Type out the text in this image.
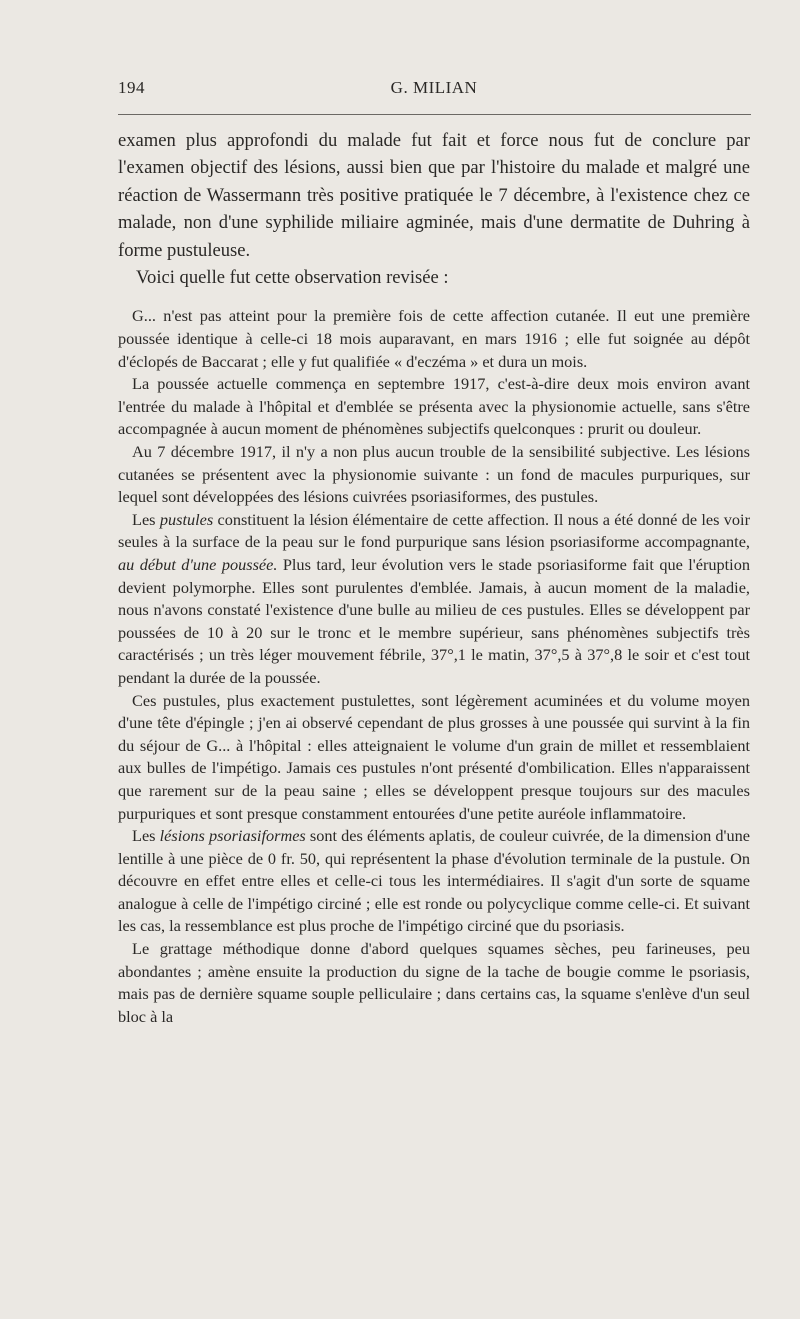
194	G. MILIAN

examen plus approfondi du malade fut fait et force nous fut de conclure par l'examen objectif des lésions, aussi bien que par l'histoire du malade et malgré une réaction de Wassermann très positive pratiquée le 7 décembre, à l'existence chez ce malade, non d'une syphilide miliaire agminée, mais d'une dermatite de Duhring à forme pustuleuse.

Voici quelle fut cette observation revisée :

G... n'est pas atteint pour la première fois de cette affection cutanée. Il eut une première poussée identique à celle-ci 18 mois auparavant, en mars 1916 ; elle fut soignée au dépôt d'éclopés de Baccarat ; elle y fut qualifiée « d'eczéma » et dura un mois.

La poussée actuelle commença en septembre 1917, c'est-à-dire deux mois environ avant l'entrée du malade à l'hôpital et d'emblée se présenta avec la physionomie actuelle, sans s'être accompagnée à aucun moment de phénomènes subjectifs quelconques : prurit ou douleur.

Au 7 décembre 1917, il n'y a non plus aucun trouble de la sensibilité subjective. Les lésions cutanées se présentent avec la physionomie suivante : un fond de macules purpuriques, sur lequel sont développées des lésions cuivrées psoriasiformes, des pustules.

Les pustules constituent la lésion élémentaire de cette affection. Il nous a été donné de les voir seules à la surface de la peau sur le fond purpurique sans lésion psoriasiforme accompagnante, au début d'une poussée. Plus tard, leur évolution vers le stade psoriasiforme fait que l'éruption devient polymorphe. Elles sont purulentes d'emblée. Jamais, à aucun moment de la maladie, nous n'avons constaté l'existence d'une bulle au milieu de ces pustules. Elles se développent par poussées de 10 à 20 sur le tronc et le membre supérieur, sans phénomènes subjectifs très caractérisés ; un très léger mouvement fébrile, 37°,1 le matin, 37°,5 à 37°,8 le soir et c'est tout pendant la durée de la poussée.

Ces pustules, plus exactement pustulettes, sont légèrement acuminées et du volume moyen d'une tête d'épingle ; j'en ai observé cependant de plus grosses à une poussée qui survint à la fin du séjour de G... à l'hôpital : elles atteignaient le volume d'un grain de millet et ressemblaient aux bulles de l'impétigo. Jamais ces pustules n'ont présenté d'ombilication. Elles n'apparaissent que rarement sur de la peau saine ; elles se développent presque toujours sur des macules purpuriques et sont presque constamment entourées d'une petite auréole inflammatoire.

Les lésions psoriasiformes sont des éléments aplatis, de couleur cuivrée, de la dimension d'une lentille à une pièce de 0 fr. 50, qui représentent la phase d'évolution terminale de la pustule. On découvre en effet entre elles et celle-ci tous les intermédiaires. Il s'agit d'un sorte de squame analogue à celle de l'impétigo circiné ; elle est ronde ou polycyclique comme celle-ci. Et suivant les cas, la ressemblance est plus proche de l'impétigo circiné que du psoriasis.

Le grattage méthodique donne d'abord quelques squames sèches, peu farineuses, peu abondantes ; amène ensuite la production du signe de la tache de bougie comme le psoriasis, mais pas de dernière squame souple pelliculaire ; dans certains cas, la squame s'enlève d'un seul bloc à la
